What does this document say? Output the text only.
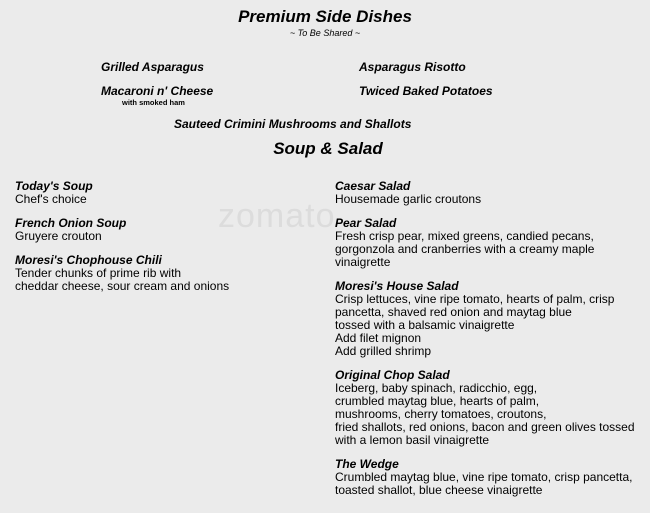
zomato
Premium Side Dishes
~ To Be Shared ~
Grilled Asparagus	Asparagus Risotto
Macaroni n' Cheese
with smoked ham
Twiced Baked Potatoes
Sauteed Crimini Mushrooms and Shallots
Soup & Salad
Today's Soup
Chef's choice
French Onion Soup
Gruyere crouton
Moresi's Chophouse Chili
Tender chunks of prime rib with
cheddar cheese, sour cream and onions
Caesar Salad
Housemade garlic croutons
Pear Salad
Fresh crisp pear, mixed greens, candied pecans,
gorgonzola and cranberries with a creamy maple
vinaigrette
Moresi's House Salad
Crisp lettuces, vine ripe tomato, hearts of palm, crisp
pancetta, shaved red onion and maytag blue
tossed with a balsamic vinaigrette
Add filet mignon
Add grilled shrimp
Original Chop Salad
Iceberg, baby spinach, radicchio, egg,
crumbled maytag blue, hearts of palm,
mushrooms, cherry tomatoes, croutons,
fried shallots, red onions, bacon and green olives tossed
with a lemon basil vinaigrette
The Wedge
Crumbled maytag blue, vine ripe tomato, crisp pancetta,
toasted shallot, blue cheese vinaigrette
